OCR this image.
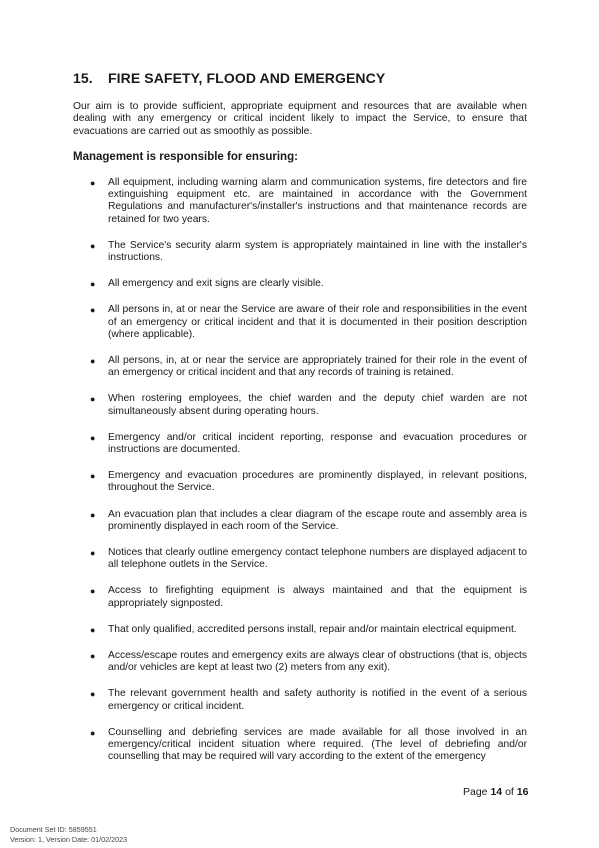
15.	FIRE SAFETY, FLOOD AND EMERGENCY

Our aim is to provide sufficient, appropriate equipment and resources that are available when dealing with any emergency or critical incident likely to impact the Service, to ensure that evacuations are carried out as smoothly as possible.

Management is responsible for ensuring:

● All equipment, including warning alarm and communication systems, fire detectors and fire extinguishing equipment etc. are maintained in accordance with the Government Regulations and manufacturer's/installer's instructions and that maintenance records are retained for two years.
● The Service's security alarm system is appropriately maintained in line with the installer's instructions.
● All emergency and exit signs are clearly visible.
● All persons in, at or near the Service are aware of their role and responsibilities in the event of an emergency or critical incident and that it is documented in their position description (where applicable).
● All persons, in, at or near the service are appropriately trained for their role in the event of an emergency or critical incident and that any records of training is retained.
● When rostering employees, the chief warden and the deputy chief warden are not simultaneously absent during operating hours.
● Emergency and/or critical incident reporting, response and evacuation procedures or instructions are documented.
● Emergency and evacuation procedures are prominently displayed, in relevant positions, throughout the Service.
● An evacuation plan that includes a clear diagram of the escape route and assembly area is prominently displayed in each room of the Service.
● Notices that clearly outline emergency contact telephone numbers are displayed adjacent to all telephone outlets in the Service.
● Access to firefighting equipment is always maintained and that the equipment is appropriately signposted.
● That only qualified, accredited persons install, repair and/or maintain electrical equipment.
● Access/escape routes and emergency exits are always clear of obstructions (that is, objects and/or vehicles are kept at least two (2) meters from any exit).
● The relevant government health and safety authority is notified in the event of a serious emergency or critical incident.
● Counselling and debriefing services are made available for all those involved in an emergency/critical incident situation where required. (The level of debriefing and/or counselling that may be required will vary according to the extent of the emergency
Page 14 of 16
Document Set ID: 5859551
Version: 1, Version Date: 01/02/2023
